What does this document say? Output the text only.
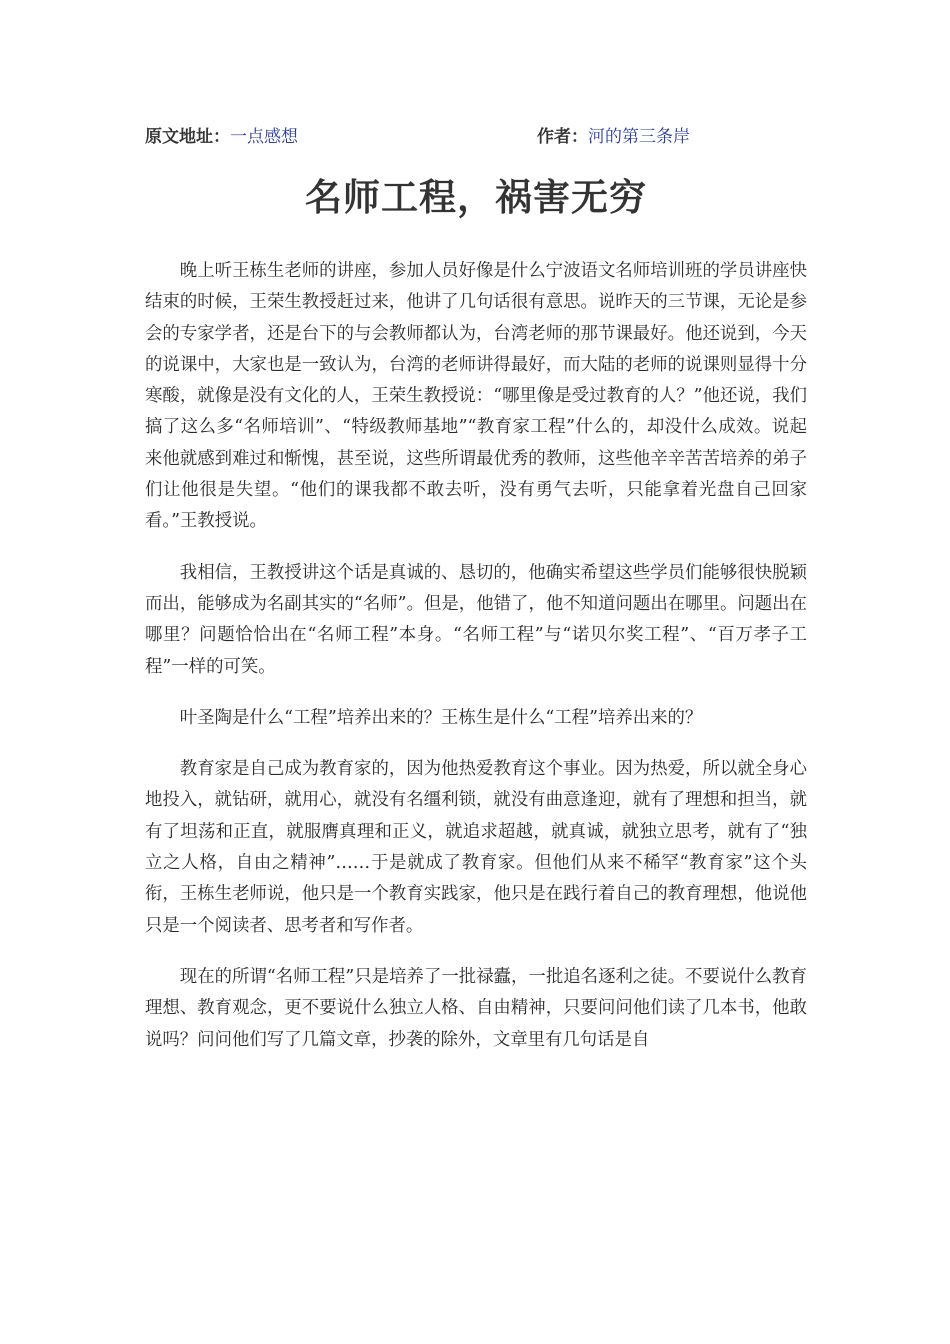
原文地址：一点感想	作者：河的第三条岸
名师工程，祸害无穷

晚上听王栋生老师的讲座，参加人员好像是什么宁波语文名师培训班的学员讲座快结束的时候，王荣生教授赶过来，他讲了几句话很有意思。说昨天的三节课，无论是参会的专家学者，还是台下的与会教师都认为，台湾老师的那节课最好。他还说到，今天的说课中，大家也是一致认为，台湾的老师讲得最好，而大陆的老师的说课则显得十分寒酸，就像是没有文化的人，王荣生教授说：“哪里像是受过教育的人？”他还说，我们搞了这么多“名师培训”、“特级教师基地”“教育家工程”什么的，却没什么成效。说起来他就感到难过和惭愧，甚至说，这些所谓最优秀的教师，这些他辛辛苦苦培养的弟子们让他很是失望。“他们的课我都不敢去听，没有勇气去听，只能拿着光盘自己回家看。”王教授说。

我相信，王教授讲这个话是真诚的、恳切的，他确实希望这些学员们能够很快脱颖而出，能够成为名副其实的“名师”。但是，他错了，他不知道问题出在哪里。问题出在哪里？问题恰恰出在“名师工程”本身。“名师工程”与“诺贝尔奖工程”、“百万孝子工程”一样的可笑。

叶圣陶是什么“工程”培养出来的？王栋生是什么“工程”培养出来的？

教育家是自己成为教育家的，因为他热爱教育这个事业。因为热爱，所以就全身心地投入，就钻研，就用心，就没有名缰利锁，就没有曲意逢迎，就有了理想和担当，就有了坦荡和正直，就服膺真理和正义，就追求超越，就真诚，就独立思考，就有了“独立之人格，自由之精神”……于是就成了教育家。但他们从来不稀罕“教育家”这个头衔，王栋生老师说，他只是一个教育实践家，他只是在践行着自己的教育理想，他说他只是一个阅读者、思考者和写作者。

现在的所谓“名师工程”只是培养了一批禄蠹，一批追名逐利之徒。不要说什么教育理想、教育观念，更不要说什么独立人格、自由精神，只要问问他们读了几本书，他敢说吗？问问他们写了几篇文章，抄袭的除外，文章里有几句话是自
